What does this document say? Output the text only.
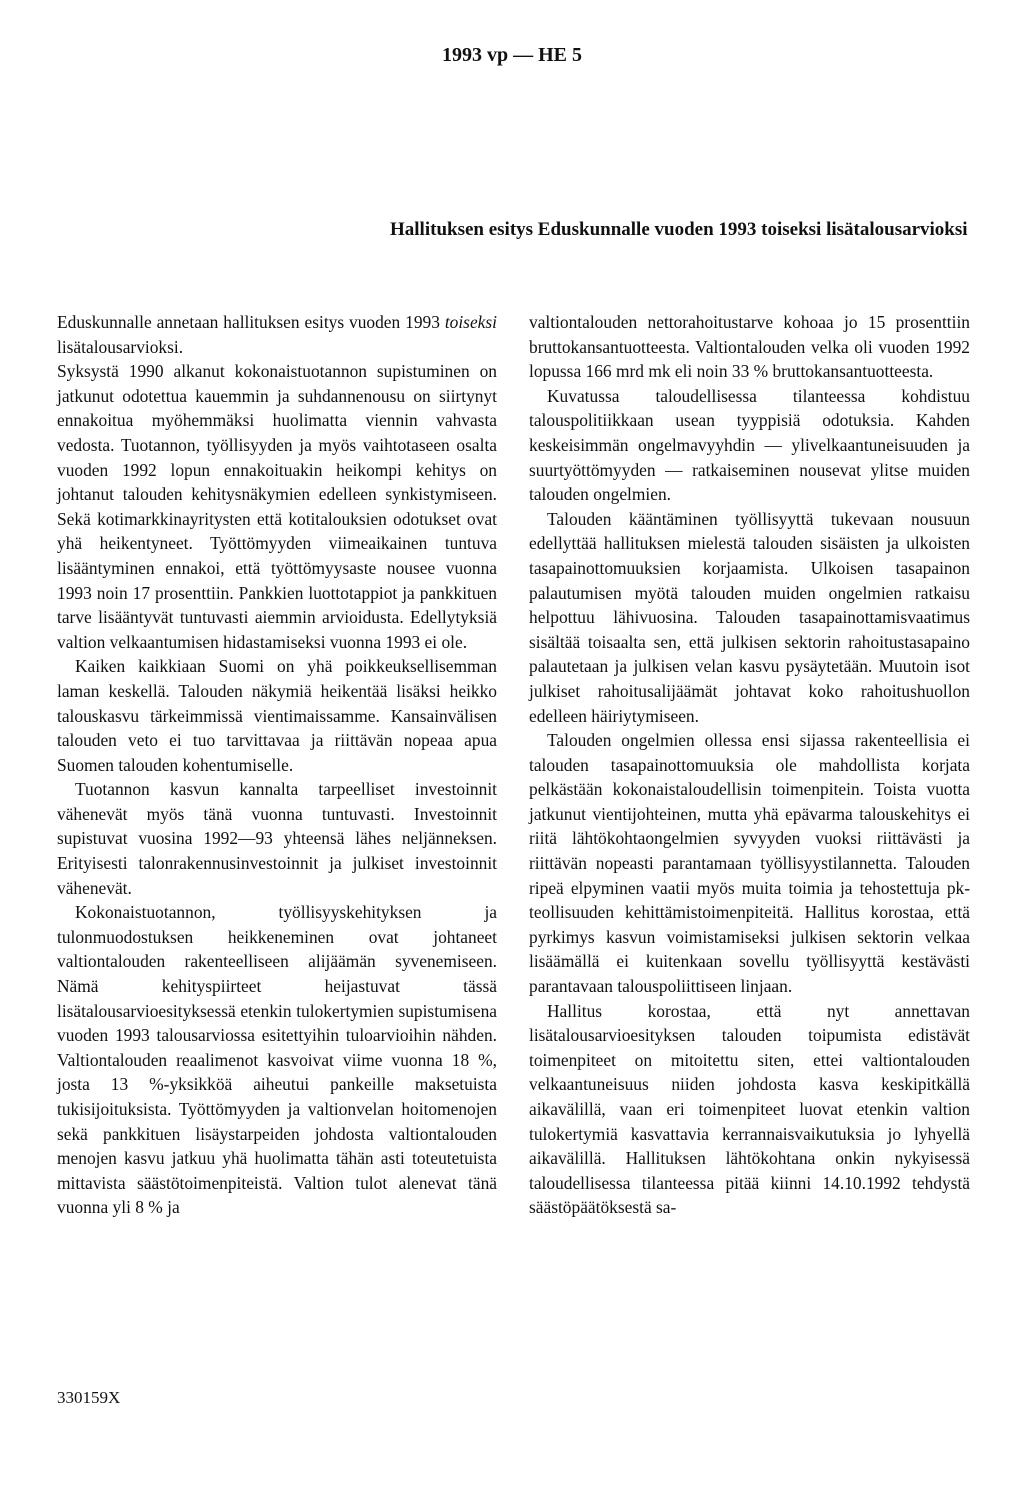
1993 vp — HE 5
Hallituksen esitys Eduskunnalle vuoden 1993 toiseksi lisätalousarvioksi

Eduskunnalle annetaan hallituksen esitys vuoden 1993 toiseksi lisätalousarvioksi.

Syksystä 1990 alkanut kokonaistuotannon supistuminen on jatkunut odotettua kauemmin ja suhdannenousu on siirtynyt ennakoitua myöhemmäksi huolimatta viennin vahvasta vedosta. Tuotannon, työllisyyden ja myös vaihtotaseen osalta vuoden 1992 lopun ennakoituakin heikompi kehitys on johtanut talouden kehitysnäkymien edelleen synkistymiseen. Sekä kotimarkkinayritysten että kotitalouksien odotukset ovat yhä heikentyneet. Työttömyyden viimeaikainen tuntuva lisääntyminen ennakoi, että työttömyysaste nousee vuonna 1993 noin 17 prosenttiin. Pankkien luottotappiot ja pankkituen tarve lisääntyvät tuntuvasti aiemmin arvioidusta. Edellytyksiä valtion velkaantumisen hidastamiseksi vuonna 1993 ei ole.

Kaiken kaikkiaan Suomi on yhä poikkeuksellisemman laman keskellä. Talouden näkymiä heikentää lisäksi heikko talouskasvu tärkeimmissä vientimaissamme. Kansainvälisen talouden veto ei tuo tarvittavaa ja riittävän nopeaa apua Suomen talouden kohentumiselle.

Tuotannon kasvun kannalta tarpeelliset investoinnit vähenevät myös tänä vuonna tuntuvasti. Investoinnit supistuvat vuosina 1992—93 yhteensä lähes neljänneksen. Erityisesti talonrakennusinvestoinnit ja julkiset investoinnit vähenevät.

Kokonaistuotannon, työllisyyskehityksen ja tulonmuodostuksen heikkeneminen ovat johtaneet valtiontalouden rakenteelliseen alijäämän syvenemiseen. Nämä kehityspiirteet heijastuvat tässä lisätalousarvioesityksessä etenkin tulokertymien supistumisena vuoden 1993 talousarviossa esitettyihin tuloarvioihin nähden. Valtiontalouden reaalimenot kasvoivat viime vuonna 18 %, josta 13 %-yksikköä aiheutui pankeille maksetuista tukisijoituksista. Työttömyyden ja valtionvelan hoitomenojen sekä pankkituen lisäystarpeiden johdosta valtiontalouden menojen kasvu jatkuu yhä huolimatta tähän asti toteutetuista mittavista säästötoimenpiteistä. Valtion tulot alenevat tänä vuonna yli 8 % ja

valtiontalouden nettorahoitustarve kohoaa jo 15 prosenttiin bruttokansantuotteesta. Valtiontalouden velka oli vuoden 1992 lopussa 166 mrd mk eli noin 33 % bruttokansantuotteesta.

Kuvatussa taloudellisessa tilanteessa kohdistuu talouspolitiikkaan usean tyyppisiä odotuksia. Kahden keskeisimmän ongelmavyyhdin — ylivelkaantuneisuuden ja suurtyöttömyyden — ratkaiseminen nousevat ylitse muiden talouden ongelmien.

Talouden kääntäminen työllisyyttä tukevaan nousuun edellyttää hallituksen mielestä talouden sisäisten ja ulkoisten tasapainottomuuksien korjaamista. Ulkoisen tasapainon palautumisen myötä talouden muiden ongelmien ratkaisu helpottuu lähivuosina. Talouden tasapainottamisvaatimus sisältää toisaalta sen, että julkisen sektorin rahoitustasapaino palautetaan ja julkisen velan kasvu pysäytetään. Muutoin isot julkiset rahoitusalijäämät johtavat koko rahoitushuollon edelleen häiriytymiseen.

Talouden ongelmien ollessa ensi sijassa rakenteellisia ei talouden tasapainottomuuksia ole mahdollista korjata pelkästään kokonaistaloudellisin toimenpitein. Toista vuotta jatkunut vientijohteinen, mutta yhä epävarma talouskehitys ei riitä lähtökohtaongelmien syvyyden vuoksi riittävästi ja riittävän nopeasti parantamaan työllisyystilannetta. Talouden ripeä elpyminen vaatii myös muita toimia ja tehostettuja pk-teollisuuden kehittämistoimenpiteitä. Hallitus korostaa, että pyrkimys kasvun voimistamiseksi julkisen sektorin velkaa lisäämällä ei kuitenkaan sovellu työllisyyttä kestävästi parantavaan talouspoliittiseen linjaan.

Hallitus korostaa, että nyt annettavan lisätalousarvioesityksen talouden toipumista edistävät toimenpiteet on mitoitettu siten, ettei valtiontalouden velkaantuneisuus niiden johdosta kasva keskipitkällä aikavälillä, vaan eri toimenpiteet luovat etenkin valtion tulokertymiä kasvattavia kerrannaisvaikutuksia jo lyhyellä aikavälillä. Hallituksen lähtökohtana onkin nykyisessä taloudellisessa tilanteessa pitää kiinni 14.10.1992 tehdystä säästöpäätöksestä sa-

330159X
